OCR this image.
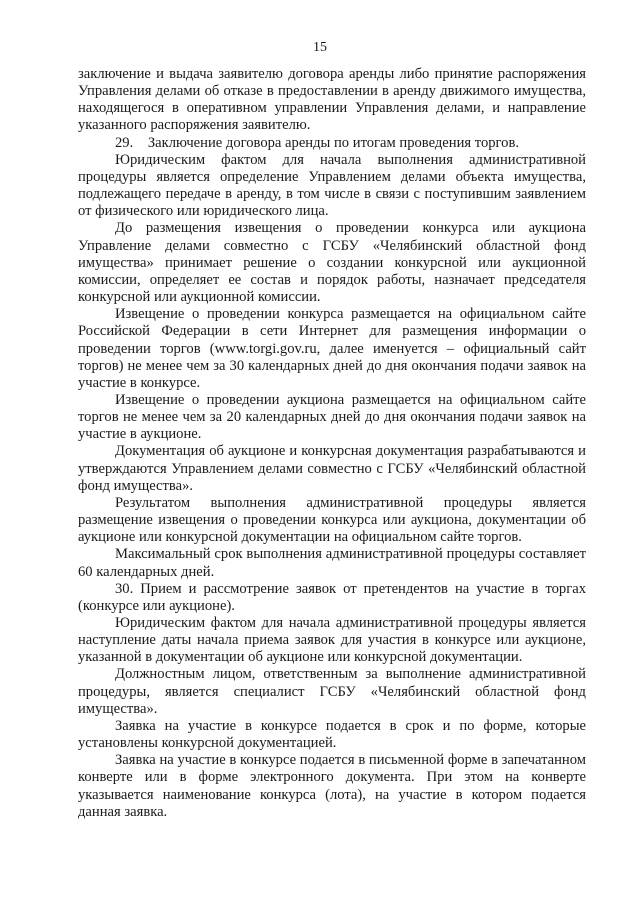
15

заключение и выдача заявителю договора аренды либо принятие распоряжения Управления делами об отказе в предоставлении в аренду движимого имущества, находящегося в оперативном управлении Управления делами, и направление указанного распоряжения заявителю.

29.    Заключение договора аренды по итогам проведения торгов.

Юридическим фактом для начала выполнения административной процедуры является определение Управлением делами объекта имущества, подлежащего передаче в аренду, в том числе в связи с поступившим заявлением от физического или юридического лица.

До размещения извещения о проведении конкурса или аукциона Управление делами совместно с ГСБУ «Челябинский областной фонд имущества» принимает решение о создании конкурсной или аукционной комиссии, определяет ее состав и порядок работы, назначает председателя конкурсной или аукционной комиссии.

Извещение о проведении конкурса размещается на официальном сайте Российской Федерации в сети Интернет для размещения информации о проведении торгов (www.torgi.gov.ru, далее именуется – официальный сайт торгов) не менее чем за 30 календарных дней до дня окончания подачи заявок на участие в конкурсе.

Извещение о проведении аукциона размещается на официальном сайте торгов не менее чем за 20 календарных дней до дня окончания подачи заявок на участие в аукционе.

Документация об аукционе и конкурсная документация разрабатываются и утверждаются Управлением делами совместно с ГСБУ «Челябинский областной фонд имущества».

Результатом выполнения административной процедуры является размещение извещения о проведении конкурса или аукциона, документации об аукционе или конкурсной документации на официальном сайте торгов.

Максимальный срок выполнения административной процедуры составляет 60 календарных дней.

30. Прием и рассмотрение заявок от претендентов на участие в торгах (конкурсе или аукционе).

Юридическим фактом для начала административной процедуры является наступление даты начала приема заявок для участия в конкурсе или аукционе, указанной в документации об аукционе или конкурсной документации.

Должностным лицом, ответственным за выполнение административной процедуры, является специалист ГСБУ «Челябинский областной фонд имущества».

Заявка на участие в конкурсе подается в срок и по форме, которые установлены конкурсной документацией.

Заявка на участие в конкурсе подается в письменной форме в запечатанном конверте или в форме электронного документа. При этом на конверте указывается наименование конкурса (лота), на участие в котором подается данная заявка.
